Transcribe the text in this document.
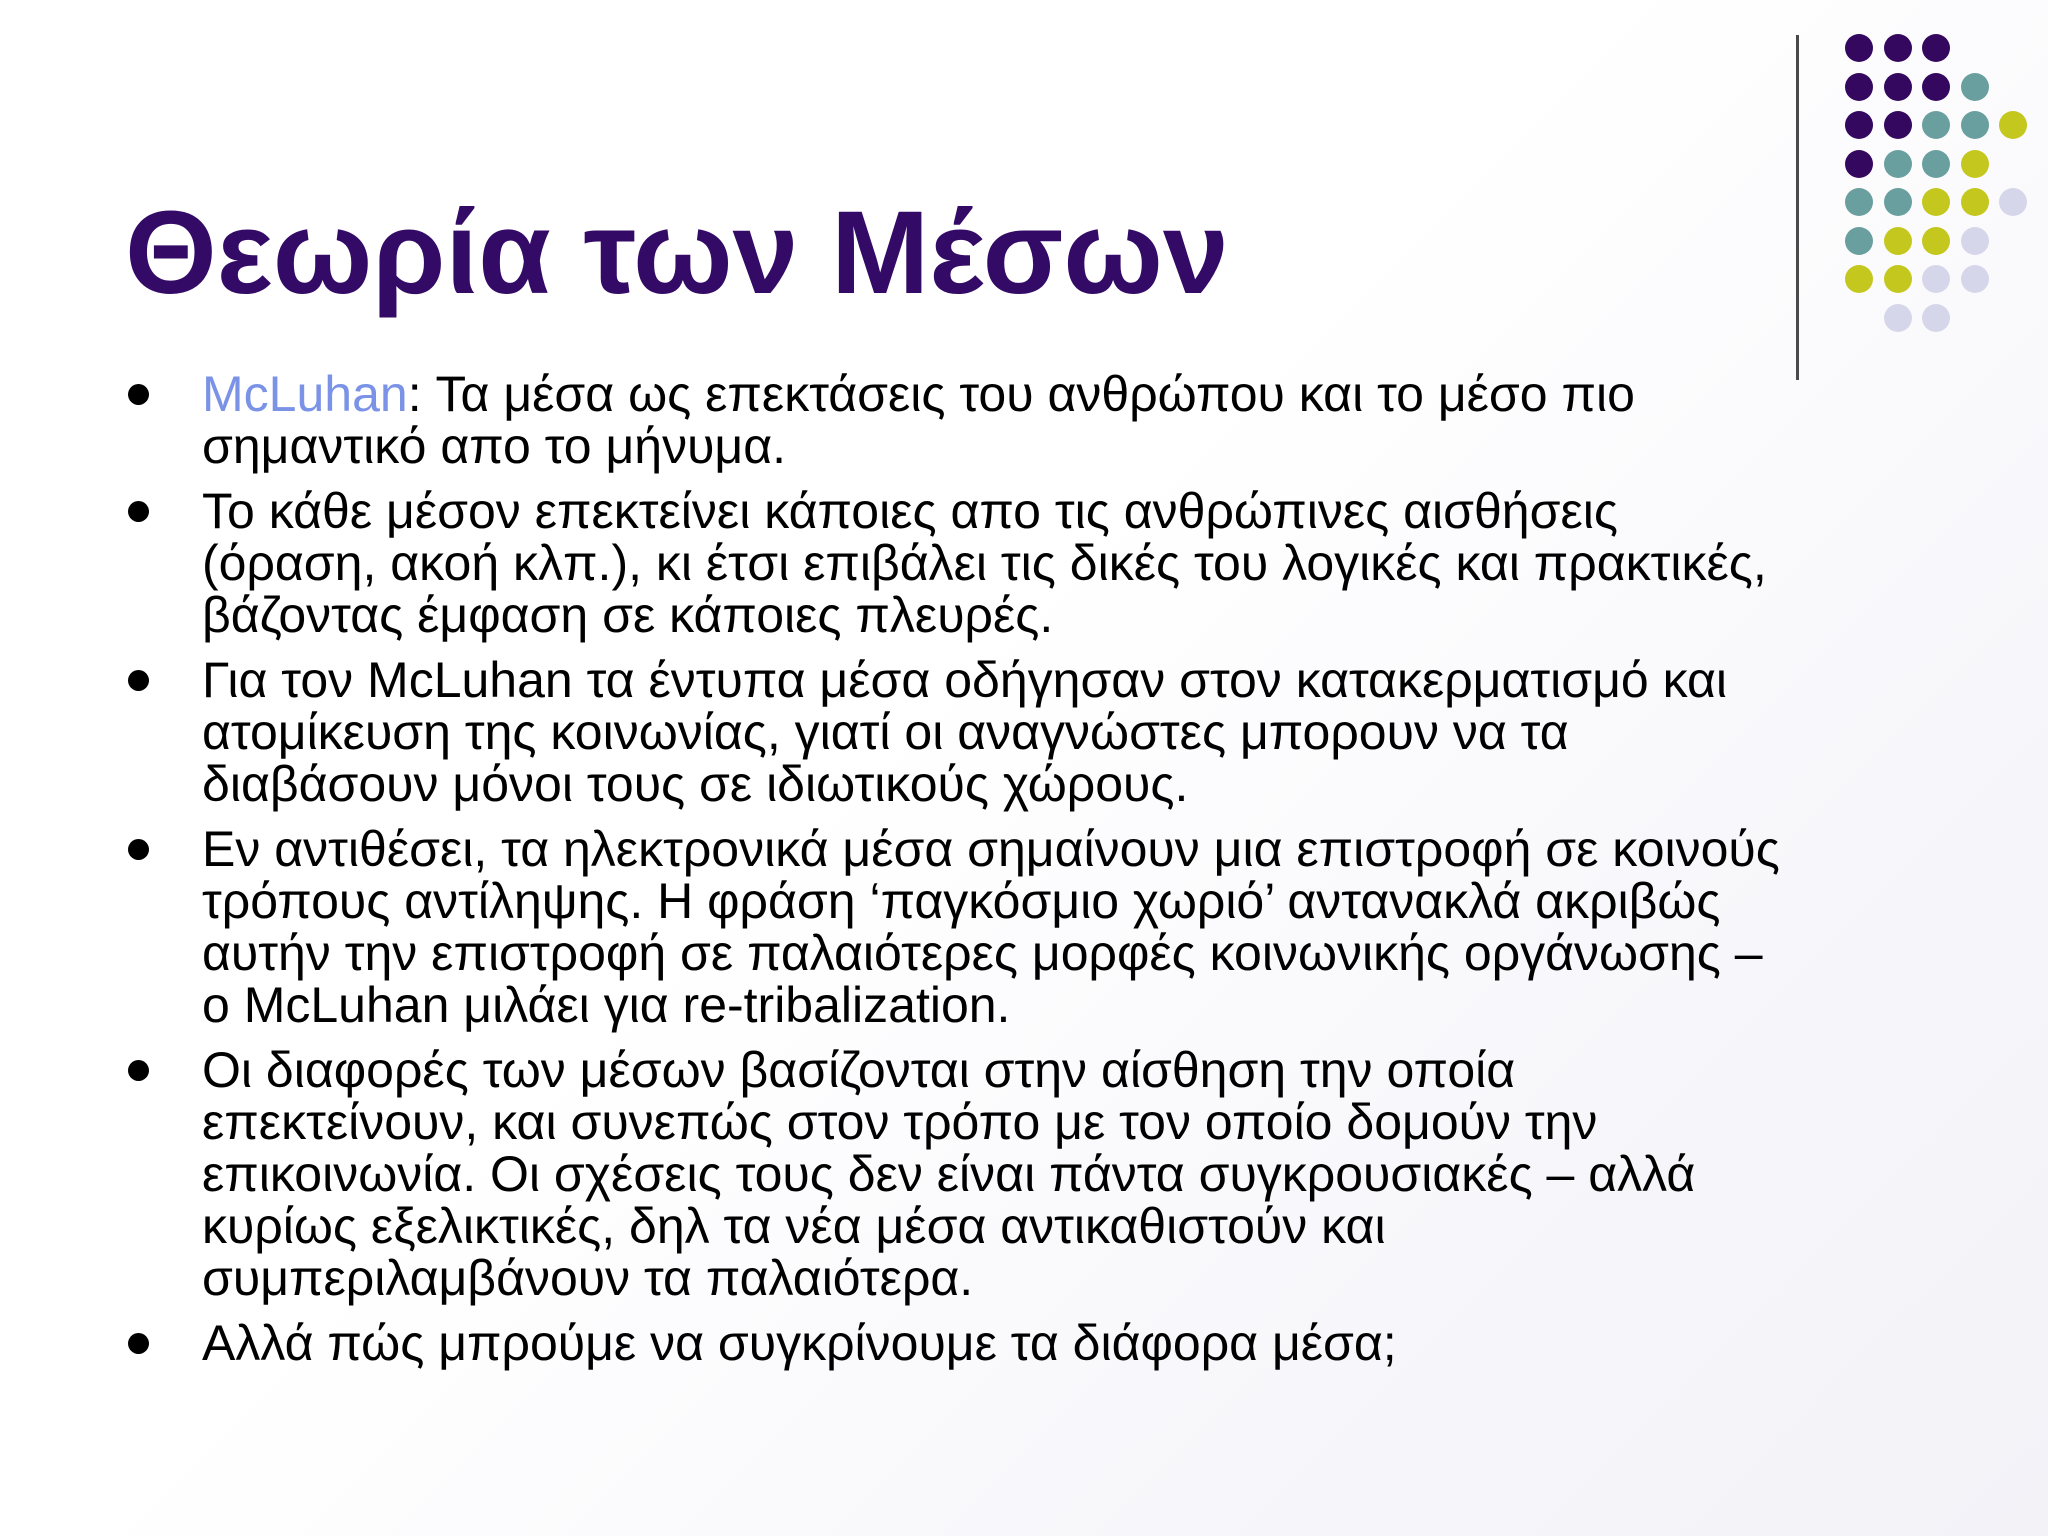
Θεωρία των Μέσων
McLuhan: Τα μέσα ως επεκτάσεις του ανθρώπου και το μέσο πιο
σημαντικό απο το μήνυμα.
Το κάθε μέσον επεκτείνει κάποιες απο τις ανθρώπινες αισθήσεις
(όραση, ακοή κλπ.), κι έτσι επιβάλει τις δικές του λογικές και πρακτικές,
βάζοντας έμφαση σε κάποιες πλευρές.
Για τον McLuhan τα έντυπα μέσα οδήγησαν στον κατακερματισμό και
ατομίκευση της κοινωνίας, γιατί οι αναγνώστες μπορουν να τα
διαβάσουν μόνοι τους σε ιδιωτικούς χώρους.
Εν αντιθέσει, τα ηλεκτρονικά μέσα σημαίνουν μια επιστροφή σε κοινούς
τρόπους αντίληψης. Η φράση ‘παγκόσμιο χωριό’ αντανακλά ακριβώς
αυτήν την επιστροφή σε παλαιότερες μορφές κοινωνικής οργάνωσης –
ο McLuhan μιλάει για re-tribalization.
Οι διαφορές των μέσων βασίζονται στην αίσθηση την οποία
επεκτείνουν, και συνεπώς στον τρόπο με τον οποίο δομούν την
επικοινωνία. Οι σχέσεις τους δεν είναι πάντα συγκρουσιακές – αλλά
κυρίως εξελικτικές, δηλ τα νέα μέσα αντικαθιστούν και
συμπεριλαμβάνουν τα παλαιότερα.
Αλλά πώς μπρούμε να συγκρίνουμε τα διάφορα μέσα;
